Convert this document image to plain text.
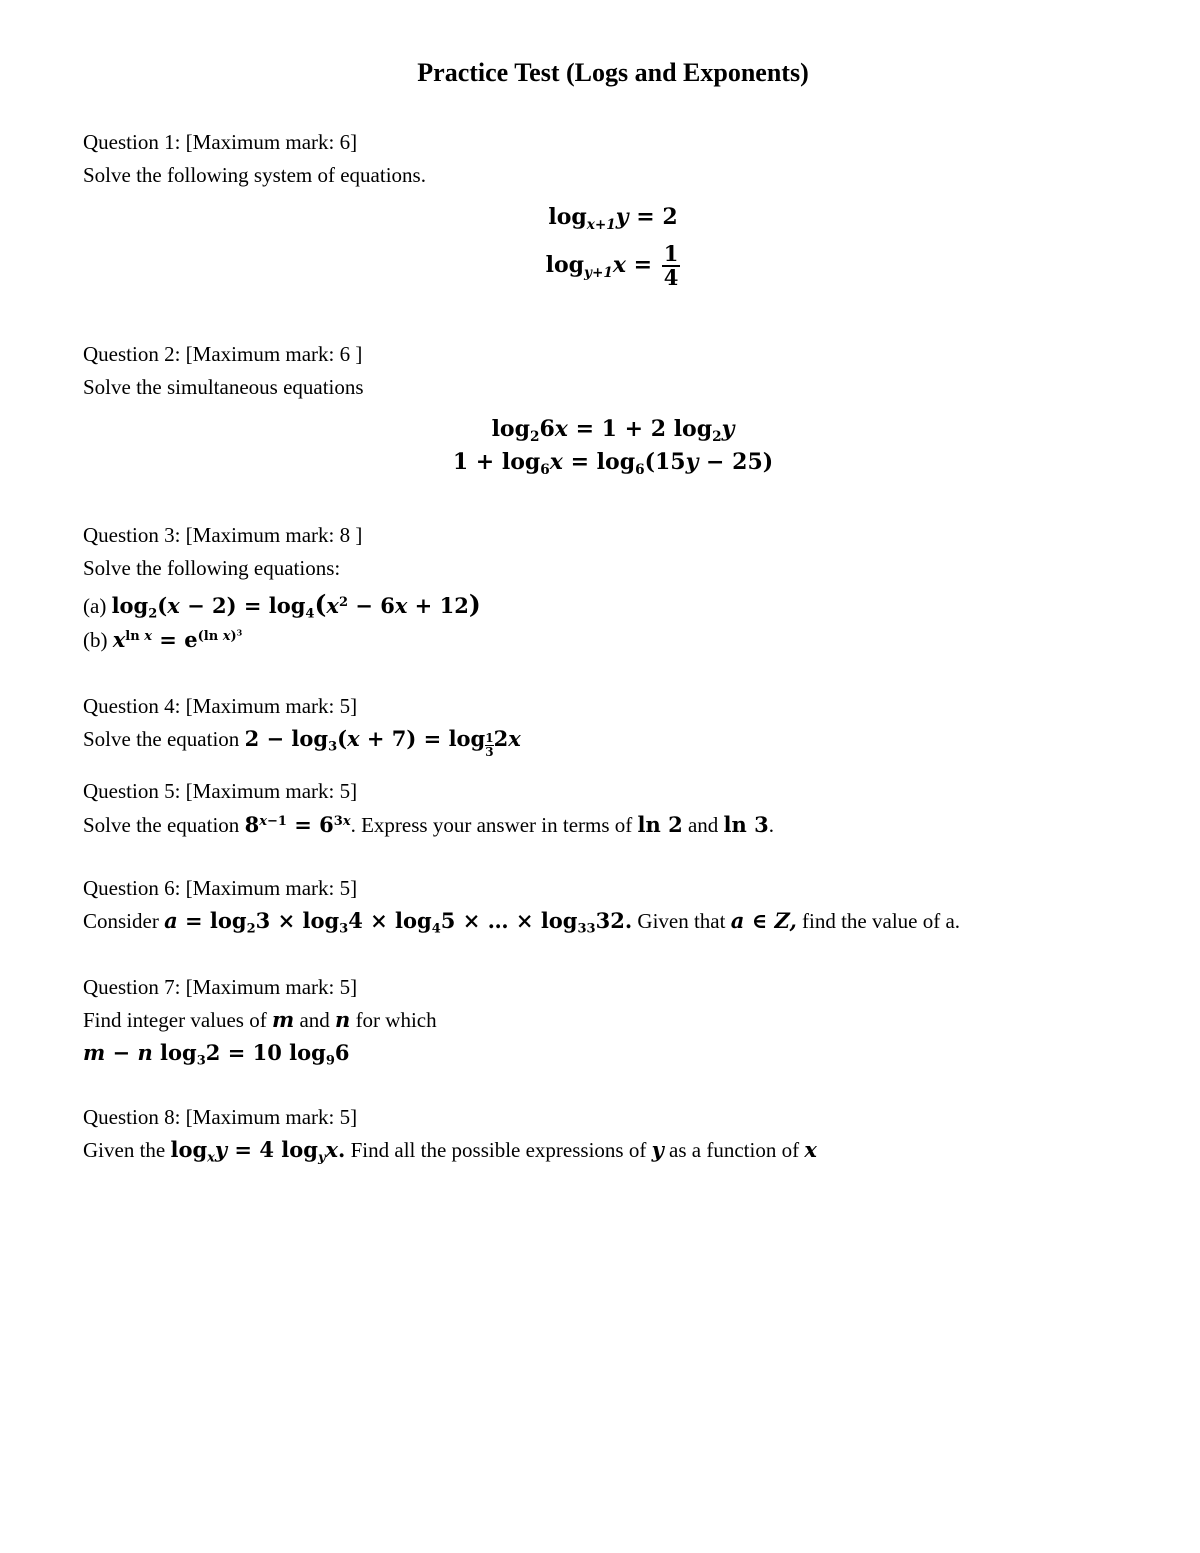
Practice Test (Logs and Exponents)
Question 1: [Maximum mark: 6]
Solve the following system of equations.
$\log_{x+1}y = 2$
$\log_{y+1}x = \frac{1}{4}$
Question 2: [Maximum mark: 6 ]
Solve the simultaneous equations
$\log_26x = 1 + 2$ $\log_2y$
$1 + \log_6x = \log_6(15y - 25)$
Question 3: [Maximum mark: 8 ]
Solve the following equations:
(a) $\log_2(x - 2) = \log_4(x^2 - 6x + 12)$
(b) $x^{ln x} = e^{(ln x)^3}$
Question 4: [Maximum mark: 5]
Solve the equation $2 - \log_3(x + 7) = \log \frac{1}{3} 2x$
Question 5: [Maximum mark: 5]
Solve the equation $8^{x-1} = 6^{3x}$. Express your answer in terms of ln 2 and ln 3.
Question 6: [Maximum mark: 5]
Consider $a = \log_23 \times \log_34 \times \log_45$ × … × $\log_{33}32$. Given that a ∈ Z, find the value of a.
Question 7: [Maximum mark: 5]
Find integer values of m and n for which
m − n $\log_32 = 10$ $\log_96$
Question 8: [Maximum mark: 5]
Given the $\log_xy = 4$ $\log_yx$. Find all the possible expressions of y as a function of x
